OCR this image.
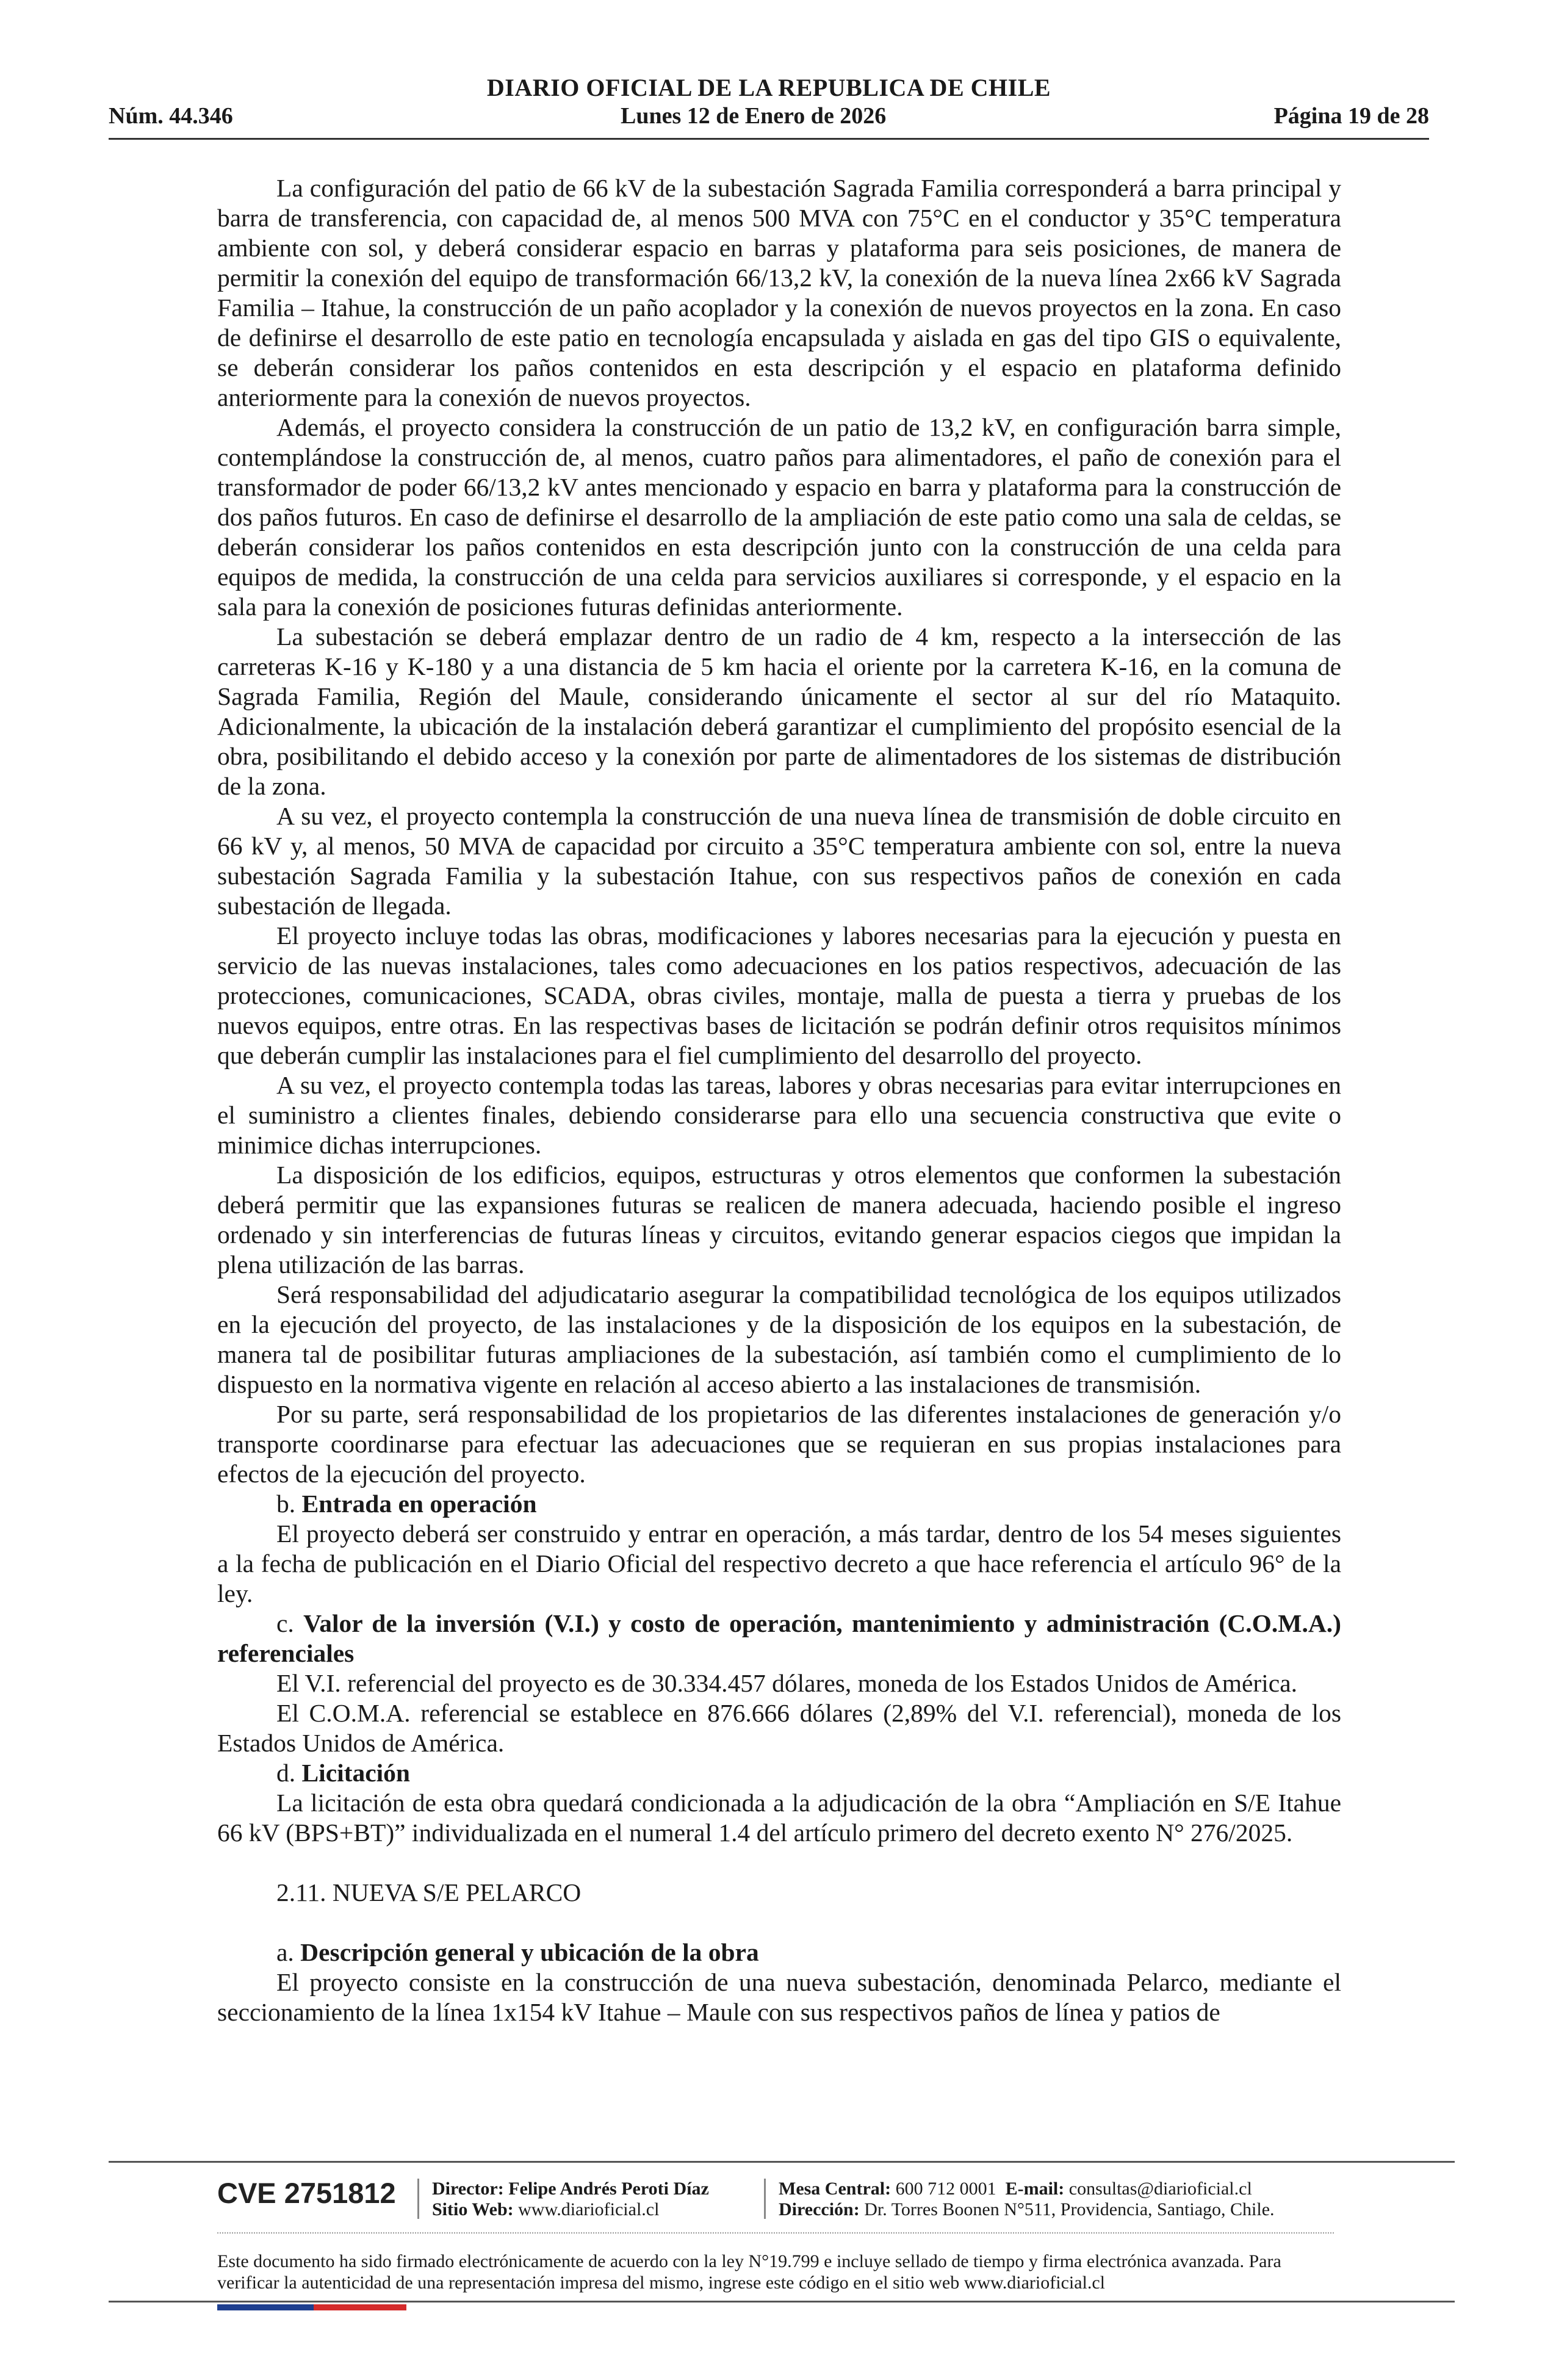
DIARIO OFICIAL DE LA REPUBLICA DE CHILE
Núm. 44.346	Lunes 12 de Enero de 2026	Página 19 de 28

La configuración del patio de 66 kV de la subestación Sagrada Familia corresponderá a barra principal y barra de transferencia, con capacidad de, al menos 500 MVA con 75°C en el conductor y 35°C temperatura ambiente con sol, y deberá considerar espacio en barras y plataforma para seis posiciones, de manera de permitir la conexión del equipo de transformación 66/13,2 kV, la conexión de la nueva línea 2x66 kV Sagrada Familia – Itahue, la construcción de un paño acoplador y la conexión de nuevos proyectos en la zona. En caso de definirse el desarrollo de este patio en tecnología encapsulada y aislada en gas del tipo GIS o equivalente, se deberán considerar los paños contenidos en esta descripción y el espacio en plataforma definido anteriormente para la conexión de nuevos proyectos.

Además, el proyecto considera la construcción de un patio de 13,2 kV, en configuración barra simple, contemplándose la construcción de, al menos, cuatro paños para alimentadores, el paño de conexión para el transformador de poder 66/13,2 kV antes mencionado y espacio en barra y plataforma para la construcción de dos paños futuros. En caso de definirse el desarrollo de la ampliación de este patio como una sala de celdas, se deberán considerar los paños contenidos en esta descripción junto con la construcción de una celda para equipos de medida, la construcción de una celda para servicios auxiliares si corresponde, y el espacio en la sala para la conexión de posiciones futuras definidas anteriormente.

La subestación se deberá emplazar dentro de un radio de 4 km, respecto a la intersección de las carreteras K-16 y K-180 y a una distancia de 5 km hacia el oriente por la carretera K-16, en la comuna de Sagrada Familia, Región del Maule, considerando únicamente el sector al sur del río Mataquito. Adicionalmente, la ubicación de la instalación deberá garantizar el cumplimiento del propósito esencial de la obra, posibilitando el debido acceso y la conexión por parte de alimentadores de los sistemas de distribución de la zona.

A su vez, el proyecto contempla la construcción de una nueva línea de transmisión de doble circuito en 66 kV y, al menos, 50 MVA de capacidad por circuito a 35°C temperatura ambiente con sol, entre la nueva subestación Sagrada Familia y la subestación Itahue, con sus respectivos paños de conexión en cada subestación de llegada.

El proyecto incluye todas las obras, modificaciones y labores necesarias para la ejecución y puesta en servicio de las nuevas instalaciones, tales como adecuaciones en los patios respectivos, adecuación de las protecciones, comunicaciones, SCADA, obras civiles, montaje, malla de puesta a tierra y pruebas de los nuevos equipos, entre otras. En las respectivas bases de licitación se podrán definir otros requisitos mínimos que deberán cumplir las instalaciones para el fiel cumplimiento del desarrollo del proyecto.

A su vez, el proyecto contempla todas las tareas, labores y obras necesarias para evitar interrupciones en el suministro a clientes finales, debiendo considerarse para ello una secuencia constructiva que evite o minimice dichas interrupciones.

La disposición de los edificios, equipos, estructuras y otros elementos que conformen la subestación deberá permitir que las expansiones futuras se realicen de manera adecuada, haciendo posible el ingreso ordenado y sin interferencias de futuras líneas y circuitos, evitando generar espacios ciegos que impidan la plena utilización de las barras.

Será responsabilidad del adjudicatario asegurar la compatibilidad tecnológica de los equipos utilizados en la ejecución del proyecto, de las instalaciones y de la disposición de los equipos en la subestación, de manera tal de posibilitar futuras ampliaciones de la subestación, así también como el cumplimiento de lo dispuesto en la normativa vigente en relación al acceso abierto a las instalaciones de transmisión.

Por su parte, será responsabilidad de los propietarios de las diferentes instalaciones de generación y/o transporte coordinarse para efectuar las adecuaciones que se requieran en sus propias instalaciones para efectos de la ejecución del proyecto.

b. Entrada en operación

El proyecto deberá ser construido y entrar en operación, a más tardar, dentro de los 54 meses siguientes a la fecha de publicación en el Diario Oficial del respectivo decreto a que hace referencia el artículo 96° de la ley.

c. Valor de la inversión (V.I.) y costo de operación, mantenimiento y administración (C.O.M.A.) referenciales

El V.I. referencial del proyecto es de 30.334.457 dólares, moneda de los Estados Unidos de América.

El C.O.M.A. referencial se establece en 876.666 dólares (2,89% del V.I. referencial), moneda de los Estados Unidos de América.

d. Licitación

La licitación de esta obra quedará condicionada a la adjudicación de la obra “Ampliación en S/E Itahue 66 kV (BPS+BT)” individualizada en el numeral 1.4 del artículo primero del decreto exento N° 276/2025.

2.11. NUEVA S/E PELARCO

a. Descripción general y ubicación de la obra

El proyecto consiste en la construcción de una nueva subestación, denominada Pelarco, mediante el seccionamiento de la línea 1x154 kV Itahue – Maule con sus respectivos paños de línea y patios de

CVE 2751812 Director: Felipe Andrés Peroti Díaz
Sitio Web: www.diarioficial.cl
Mesa Central: 600 712 0001 E-mail: consultas@diarioficial.cl
Dirección: Dr. Torres Boonen N°511, Providencia, Santiago, Chile.
Este documento ha sido firmado electrónicamente de acuerdo con la ley N°19.799 e incluye sellado de tiempo y firma electrónica avanzada. Para verificar la autenticidad de una representación impresa del mismo, ingrese este código en el sitio web www.diarioficial.cl
